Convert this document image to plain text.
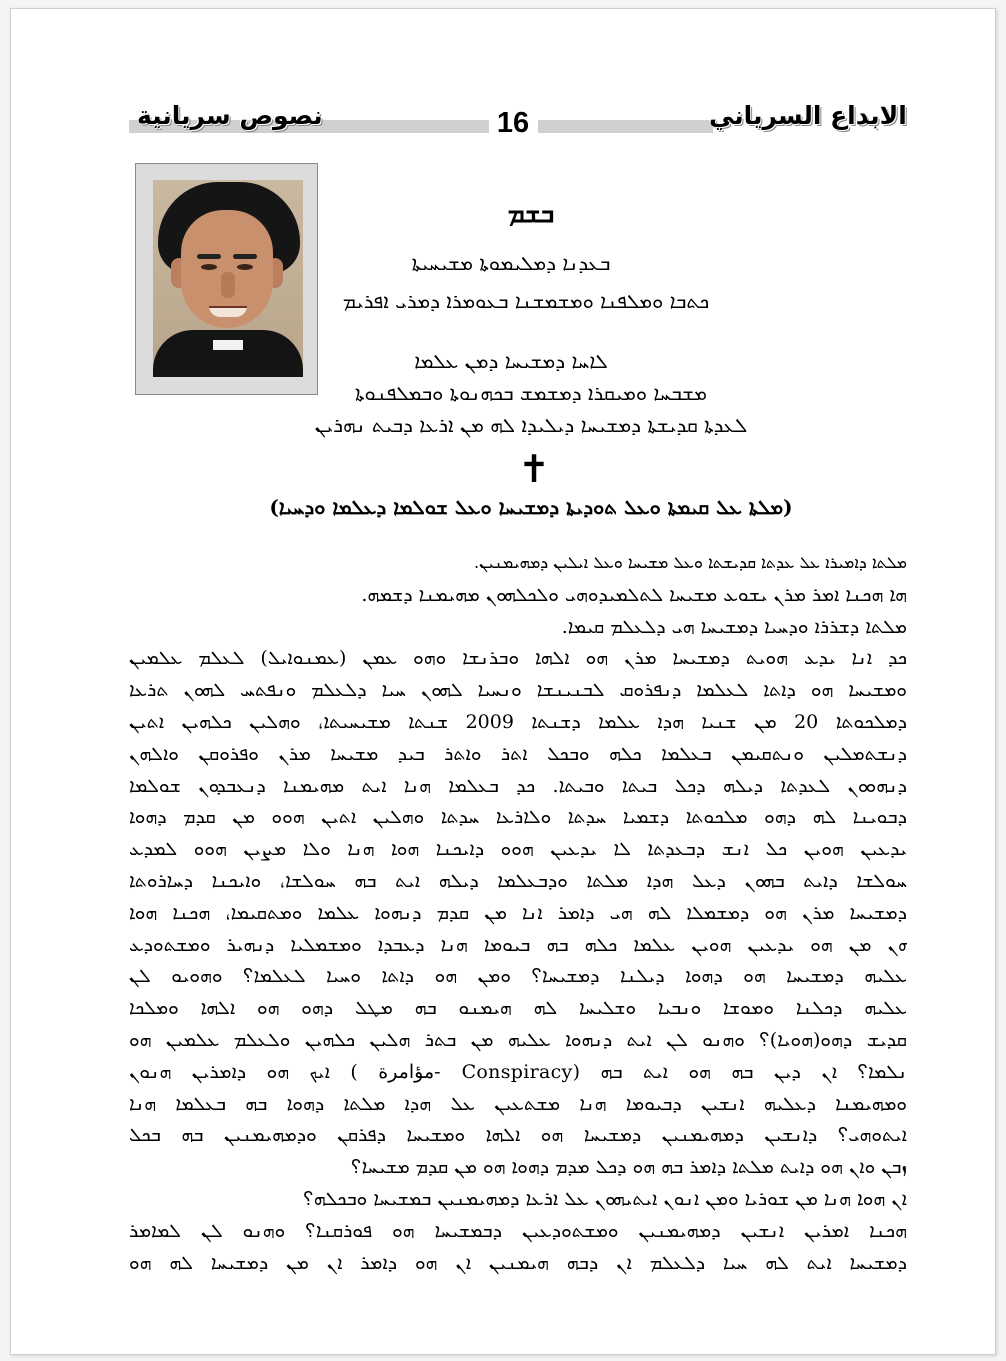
نصوص سريانية	16	الابداع السرياني
ܒܫܡ
ܒܥܕܢܐ ܕܡܠܝܡܘܬܐ ܡܫܝܚܝܬܐ
ܟܬܒܐ ܘܡܠܦܢܐ ܘܡܫܡܫܢܐ ܒܥܘܡܪܐ ܕܡܪܝ ܐܦܪܝܡ
ܠܐܚܐ ܕܡܫܝܚܐ ܕܡܢ ܥܠܡܐ
ܡܫܒܚܐ ܘܡܝܩܪܐ ܕܡܫܡܫ ܒܟܗܢܘܬܐ ܘܒܡܠܦܢܘܬܐ
ܠܥܕܬܐ ܩܕܝܫܬܐ ܕܡܫܝܚܐ ܕܝܠܝܕܐ ܠܗ ܡܢ ܐܪܥܐ ܕܒܝܬ ܢܗܪܝܢ
✝
(ܡܠܬܐ ܥܠ ܩܝܡܬܐ ܘܥܠ ܬܘܕܝܬܐ ܕܡܫܝܚܐ ܘܥܠ ܫܘܠܡܐ ܕܥܠܡܐ ܘܕܚܝܐ)
ܡܠܬܐ ܕܐܡܝܪܐ ܥܠ ܥܕܬܐ ܩܕܝܫܬܐ ܘܥܠ ܡܫܝܚܐ ܘܥܠ ܐܝܠܝܢ ܕܡܗܝܡܢܝܢ.
ܗܐ ܗܟܢܐ ܐܡܪ ܡܪܢ ܝܫܘܥ ܡܫܝܚܐ ܠܬܠܡܝܕܘܗܝ ܘܠܟܠܗܘܢ ܡܗܝܡܢܐ ܕܫܡܗ.
ܡܠܬܐ ܕܫܪܪܐ ܘܕܚܝܐ ܕܡܫܝܚܐ ܗܝ ܕܠܥܠܡ ܩܝܡܐ.
ܟܕ ܐܢܐ ܝܕܥ ܗܘܝܬ ܕܡܫܝܚܐ ܡܪܢ ܗܘ ܐܠܗܐ ܘܒܪܢܫܐ ܘܗܘ ܥܡܢ (ܥܡܢܘܐܝܠ) ܠܥܠܡ ܥܠܡܝܢ
ܘܡܫܝܚܐ ܗܘ ܕܐܬܐ ܠܥܠܡܐ ܕܢܦܪܘܩ ܠܒܢܝܢܫܐ ܘܢܚܝܐ ܠܗܘܢ ܚܝܐ ܕܠܥܠܡ ܘܢܦܬܚ ܠܗܘܢ ܬܪܥܐ
ܕܡܠܟܘܬܐ 20 ܡܢ ܫܢܝܐ ܗܕܐ ܥܠܡܐ ܕܫܢܬܐ 2009 ܫܢܬܐ ܡܫܝܚܝܬܐ، ܘܗܠܝܢ ܟܠܗܝܢ ܐܬܝܢ
ܕܢܫܬܡܠܝܢ ܘܢܬܩܝܡܢ ܒܥܠܡܐ ܟܠܗ ܘܒܟܠ ܐܬܪ ܘܐܬܪ ܒܝܕ ܡܫܝܚܐ ܡܪܢ ܘܦܪܘܩܢ ܘܐܠܗܢ
ܕܢܗܘܘܢ ܠܥܕܬܐ ܕܝܠܗ ܕܟܠ ܒܝܬܐ ܘܒܝܬܐ. ܟܕ ܒܥܠܡܐ ܗܢܐ ܐܝܬ ܡܗܝܡܢܐ ܕܢܥܒܕܘܢ ܫܘܠܡܐ
ܕܒܘܝܢܐ ܠܗ ܕܗܘ ܡܠܟܘܬܐ ܕܫܡܝܐ ܚܕܬܐ ܘܠܐܪܥܐ ܚܕܬܐ ܘܗܠܝܢ ܐܬܝܢ ܗܘܘ ܡܢ ܩܕܡ ܕܗܘܐ
ܝܕܥܝܢ ܗܘܝܢ ܟܠ ܐܢܫ ܕܒܥܕܬܐ ܠܐ ܝܕܥܝܢ ܗܘܘ ܕܐܝܟܢܐ ܗܘܐ ܗܢܐ ܘܠܐ ܡܨܝܢ ܗܘܘ ܠܡܕܥ
ܚܘܠܫܐ ܕܐܝܬ ܒܗܘܢ ܕܥܠ ܗܕܐ ܡܠܬܐ ܘܕܒܥܠܡܐ ܕܝܠܗ ܐܝܬ ܒܗ ܚܘܠܫܐ، ܘܐܝܟܢܐ ܕܚܐܪܘܬܐ
ܕܡܫܝܚܐ ܡܪܢ ܗܘ ܕܡܫܡܠܐ ܠܗ ܗܝ ܕܐܡܪ ܐܢܐ ܡܢ ܩܕܡ ܕܢܗܘܐ ܥܠܡܐ ܘܡܬܩܝܡܐ، ܗܟܢܐ ܗܘܐ
ܗܢ ܡܢ ܗܘ ܝܕܥܝܢ ܗܘܝܢ ܥܠܡܐ ܟܠܗ ܒܗ ܒܝܘܡܐ ܗܢܐ ܕܥܒܕܐ ܘܡܫܡܠܝܐ ܕܢܗܝܪ ܘܡܫܬܘܕܥ
ܥܠܝܗ ܕܡܫܝܚܐ ܗܘ ܕܗܘܐ ܕܝܠܢܐ ܕܡܫܝܚܐ؟ ܘܡܢ ܗܘ ܕܐܬܐ ܘܚܝܐ ܠܥܠܡܐ؟ ܘܗܘܝܘ ܠܢ
ܥܠܝܗ ܕܟܠܢܐ ܘܡܘܫܐ ܘܢܒܝܐ ܘܫܠܝܚܐ ܠܗ ܗܝܡܢܘ ܒܗ ܡܛܠ ܕܗܘ ܗܘ ܐܠܗܐ ܘܡܠܟܐ
ܩܕܝܫ ܕܗܘ(ܗܘܝܐ)؟ ܘܗܢܘ ܠܢ ܐܝܬ ܕܢܗܘܐ ܥܠܝܗ ܡܢ ܒܬܪ ܗܠܝܢ ܟܠܗܝܢ ܘܠܥܠܡ ܥܠܡܝܢ ܗܘ
ܢܠܡܐ؟ ܐܢ ܕܝܢ ܒܗ ܗܘ ܐܝܬ ܒܗ (Conspiracy -مؤامرة ) ܐܝܟ ܗܘ ܕܐܡܪܝܢ ܗܢܘܢ
ܘܡܗܝܡܢܐ ܕܥܠܝܗ ܐܢܫܝܢ ܕܒܝܘܡܐ ܗܢܐ ܡܫܬܥܝܢ ܥܠ ܗܕܐ ܡܠܬܐ ܕܗܘܐ ܒܗ ܒܥܠܡܐ ܗܢܐ
ܐܝܬܘܗܝ؟ ܕܐܢܫܝܢ ܕܡܗܝܡܢܝܢ ܕܡܫܝܚܐ ܗܘ ܐܠܗܐ ܘܡܫܝܚܐ ܕܦܪܩܢ ܘܕܡܗܝܡܢܝܢ ܒܗ ܒܟܠ
ܙܒܢ ܘܐܢ ܗܘ ܕܐܝܬ ܡܠܬܐ ܕܐܡܪ ܒܗ ܗܘ ܕܟܠ ܡܕܡ ܕܗܘܐ ܗܘ ܡܢ ܩܕܡ ܡܫܝܚܐ؟
ܐܢ ܗܘܐ ܗܢܐ ܡܢ ܫܘܪܝܐ ܘܡܢ ܐܢܘܢ ܐܝܬܝܗܘܢ ܥܠ ܐܪܥܐ ܕܡܗܝܡܢܝܢ ܒܡܫܝܚܐ ܘܒܟܠܗ؟
ܗܟܢܐ ܐܡܪܝܢ ܐܢܫܝܢ ܕܡܗܝܡܢܝܢ ܘܡܫܬܘܕܥܝܢ ܕܒܡܫܝܚܐ ܗܘ ܦܘܪܩܢܐ؟ ܘܗܢܘ ܠܢ ܠܡܐܡܪ
ܕܡܫܝܚܐ ܐܝܬ ܠܗ ܚܝܐ ܕܠܥܠܡ ܐܢ ܕܒܗ ܗܝܡܢܝܢ ܐܢ ܗܘ ܕܐܡܪ ܐܢ ܡܢ ܕܡܫܝܚܐ ܠܗ ܗܘ
